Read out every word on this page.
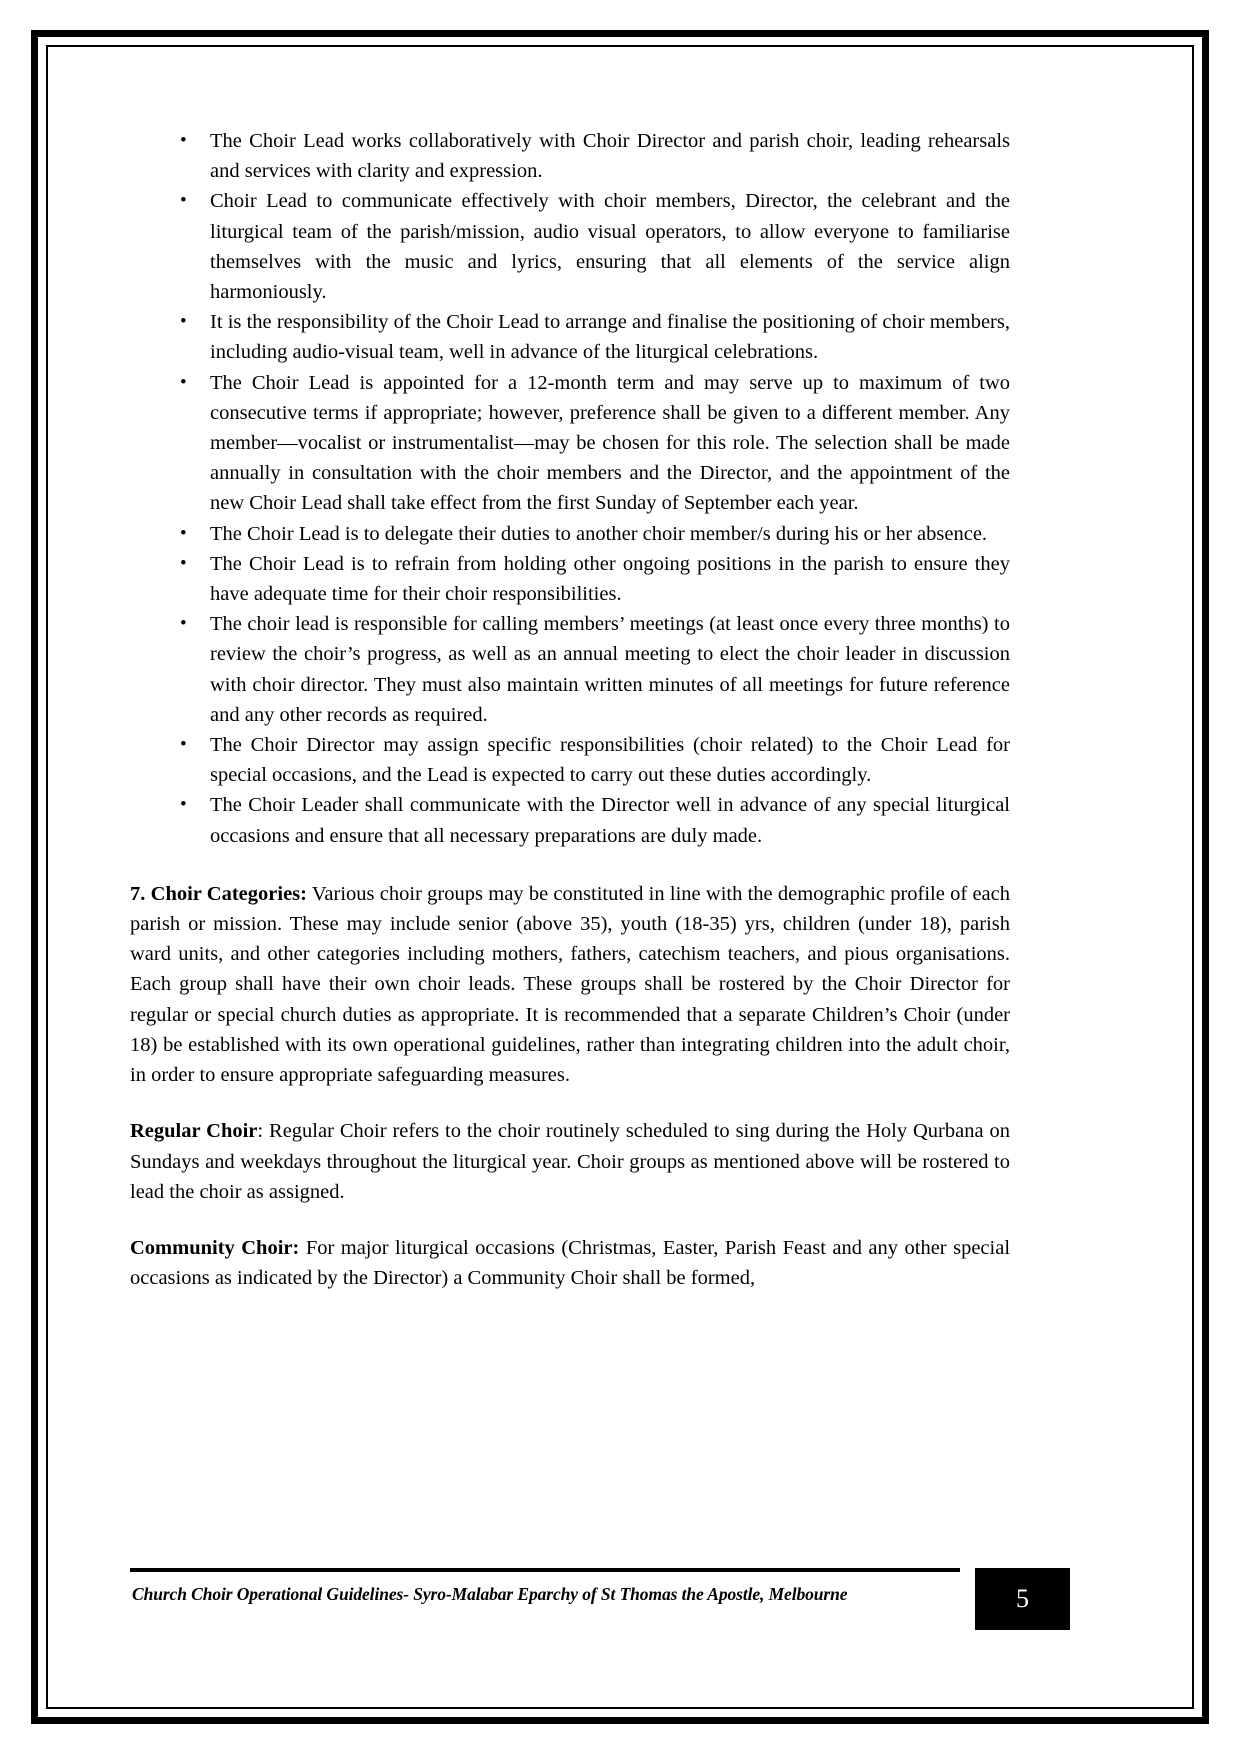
• The Choir Lead works collaboratively with Choir Director and parish choir, leading rehearsals and services with clarity and expression.
• Choir Lead to communicate effectively with choir members, Director, the celebrant and the liturgical team of the parish/mission, audio visual operators, to allow everyone to familiarise themselves with the music and lyrics, ensuring that all elements of the service align harmoniously.
• It is the responsibility of the Choir Lead to arrange and finalise the positioning of choir members, including audio-visual team, well in advance of the liturgical celebrations.
• The Choir Lead is appointed for a 12-month term and may serve up to maximum of two consecutive terms if appropriate; however, preference shall be given to a different member. Any member—vocalist or instrumentalist—may be chosen for this role. The selection shall be made annually in consultation with the choir members and the Director, and the appointment of the new Choir Lead shall take effect from the first Sunday of September each year.
• The Choir Lead is to delegate their duties to another choir member/s during his or her absence.
• The Choir Lead is to refrain from holding other ongoing positions in the parish to ensure they have adequate time for their choir responsibilities.
• The choir lead is responsible for calling members’ meetings (at least once every three months) to review the choir’s progress, as well as an annual meeting to elect the choir leader in discussion with choir director. They must also maintain written minutes of all meetings for future reference and any other records as required.
• The Choir Director may assign specific responsibilities (choir related) to the Choir Lead for special occasions, and the Lead is expected to carry out these duties accordingly.
• The Choir Leader shall communicate with the Director well in advance of any special liturgical occasions and ensure that all necessary preparations are duly made.

7. Choir Categories: Various choir groups may be constituted in line with the demographic profile of each parish or mission. These may include senior (above 35), youth (18-35) yrs, children (under 18), parish ward units, and other categories including mothers, fathers, catechism teachers, and pious organisations. Each group shall have their own choir leads. These groups shall be rostered by the Choir Director for regular or special church duties as appropriate. It is recommended that a separate Children’s Choir (under 18) be established with its own operational guidelines, rather than integrating children into the adult choir, in order to ensure appropriate safeguarding measures.

Regular Choir: Regular Choir refers to the choir routinely scheduled to sing during the Holy Qurbana on Sundays and weekdays throughout the liturgical year. Choir groups as mentioned above will be rostered to lead the choir as assigned.

Community Choir: For major liturgical occasions (Christmas, Easter, Parish Feast and any other special occasions as indicated by the Director) a Community Choir shall be formed,

Church Choir Operational Guidelines- Syro-Malabar Eparchy of St Thomas the Apostle, Melbourne	5
